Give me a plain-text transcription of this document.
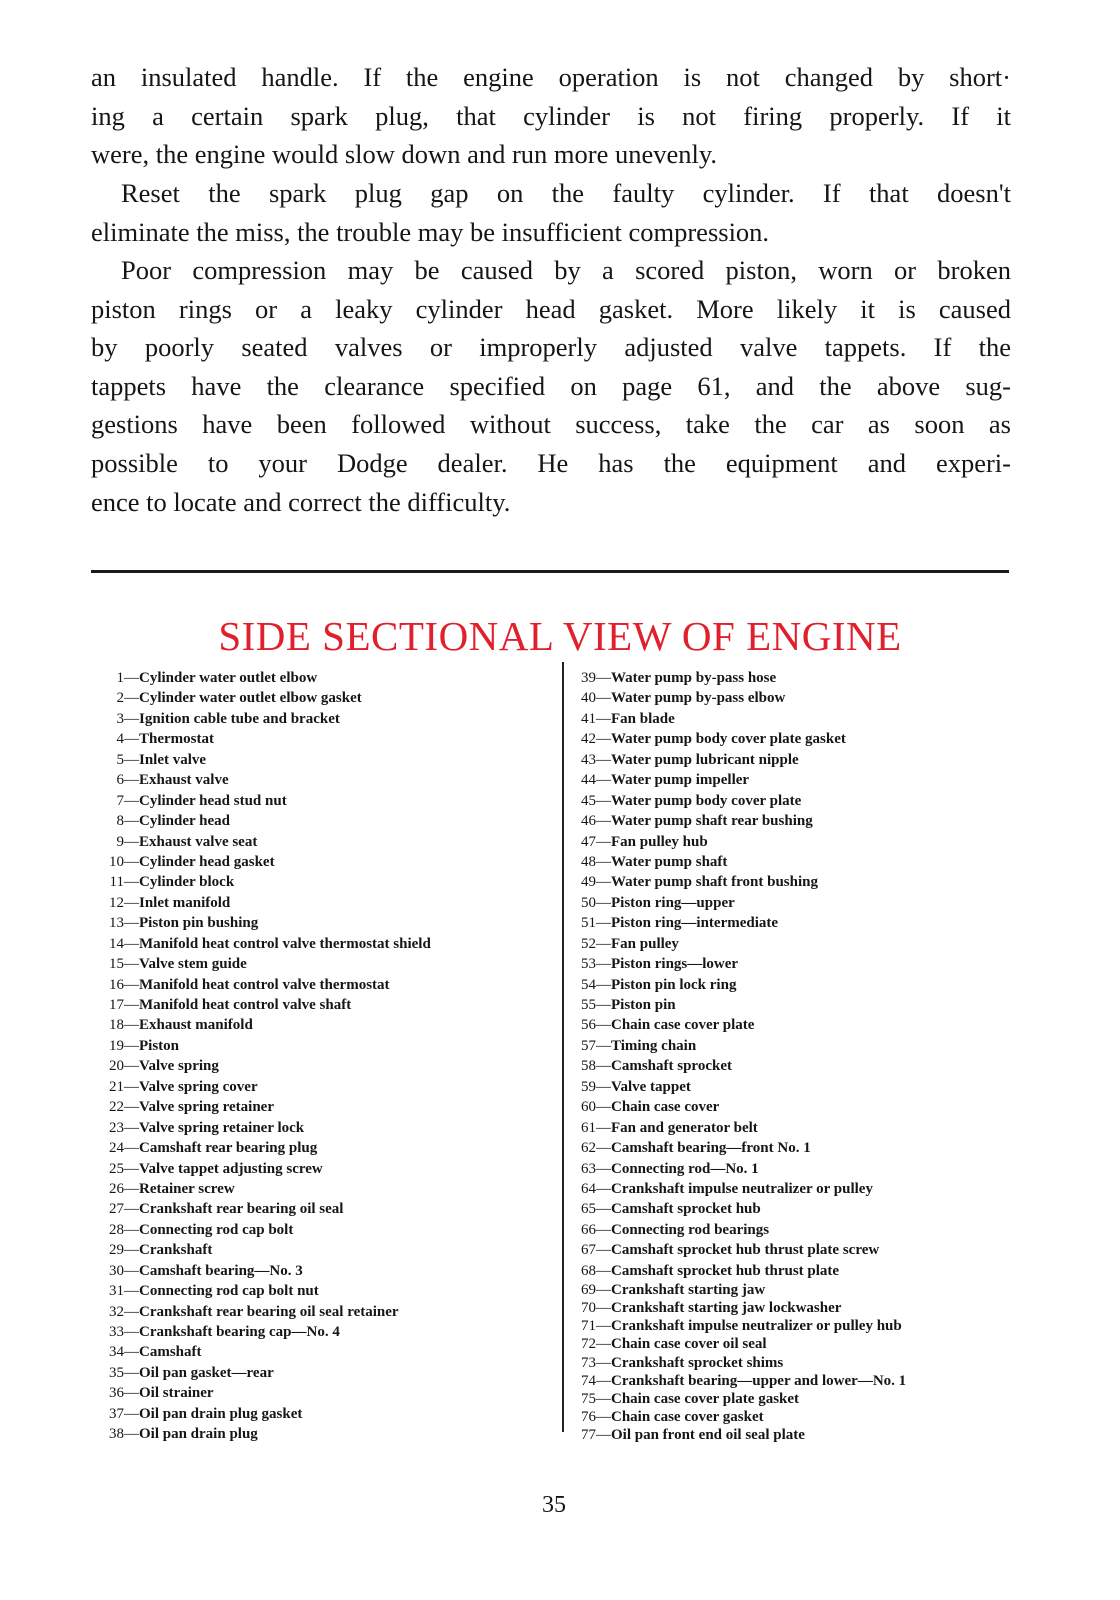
an insulated handle. If the engine operation is not changed by short·
ing a certain spark plug, that cylinder is not firing properly. If it
were, the engine would slow down and run more unevenly.
Reset the spark plug gap on the faulty cylinder. If that doesn't
eliminate the miss, the trouble may be insufficient compression.
Poor compression may be caused by a scored piston, worn or broken
piston rings or a leaky cylinder head gasket. More likely it is caused
by poorly seated valves or improperly adjusted valve tappets. If the
tappets have the clearance specified on page 61, and the above sug-
gestions have been followed without success, take the car as soon as
possible to your Dodge dealer. He has the equipment and experi-
ence to locate and correct the difficulty.
SIDE SECTIONAL VIEW OF ENGINE
1 — Cylinder water outlet elbow
2 — Cylinder water outlet elbow gasket
3 — Ignition cable tube and bracket
4 — Thermostat
5 — Inlet valve
6 — Exhaust valve
7 — Cylinder head stud nut
8 — Cylinder head
9 — Exhaust valve seat
10 — Cylinder head gasket
11 — Cylinder block
12 — Inlet manifold
13 — Piston pin bushing
14 — Manifold heat control valve thermostat shield
15 — Valve stem guide
16 — Manifold heat control valve thermostat
17 — Manifold heat control valve shaft
18 — Exhaust manifold
19 — Piston
20 — Valve spring
21 — Valve spring cover
22 — Valve spring retainer
23 — Valve spring retainer lock
24 — Camshaft rear bearing plug
25 — Valve tappet adjusting screw
26 — Retainer screw
27 — Crankshaft rear bearing oil seal
28 — Connecting rod cap bolt
29 — Crankshaft
30 — Camshaft bearing—No. 3
31 — Connecting rod cap bolt nut
32 — Crankshaft rear bearing oil seal retainer
33 — Crankshaft bearing cap—No. 4
34 — Camshaft
35 — Oil pan gasket—rear
36 — Oil strainer
37 — Oil pan drain plug gasket
38 — Oil pan drain plug
39 — Water pump by-pass hose
40 — Water pump by-pass elbow
41 — Fan blade
42 — Water pump body cover plate gasket
43 — Water pump lubricant nipple
44 — Water pump impeller
45 — Water pump body cover plate
46 — Water pump shaft rear bushing
47 — Fan pulley hub
48 — Water pump shaft
49 — Water pump shaft front bushing
50 — Piston ring—upper
51 — Piston ring—intermediate
52 — Fan pulley
53 — Piston rings—lower
54 — Piston pin lock ring
55 — Piston pin
56 — Chain case cover plate
57 — Timing chain
58 — Camshaft sprocket
59 — Valve tappet
60 — Chain case cover
61 — Fan and generator belt
62 — Camshaft bearing—front No. 1
63 — Connecting rod—No. 1
64 — Crankshaft impulse neutralizer or pulley
65 — Camshaft sprocket hub
66 — Connecting rod bearings
67 — Camshaft sprocket hub thrust plate screw
68 — Camshaft sprocket hub thrust plate
69 — Crankshaft starting jaw
70 — Crankshaft starting jaw lockwasher
71 — Crankshaft impulse neutralizer or pulley hub
72 — Chain case cover oil seal
73 — Crankshaft sprocket shims
74 — Crankshaft bearing—upper and lower—No. 1
75 — Chain case cover plate gasket
76 — Chain case cover gasket
77 — Oil pan front end oil seal plate
35
